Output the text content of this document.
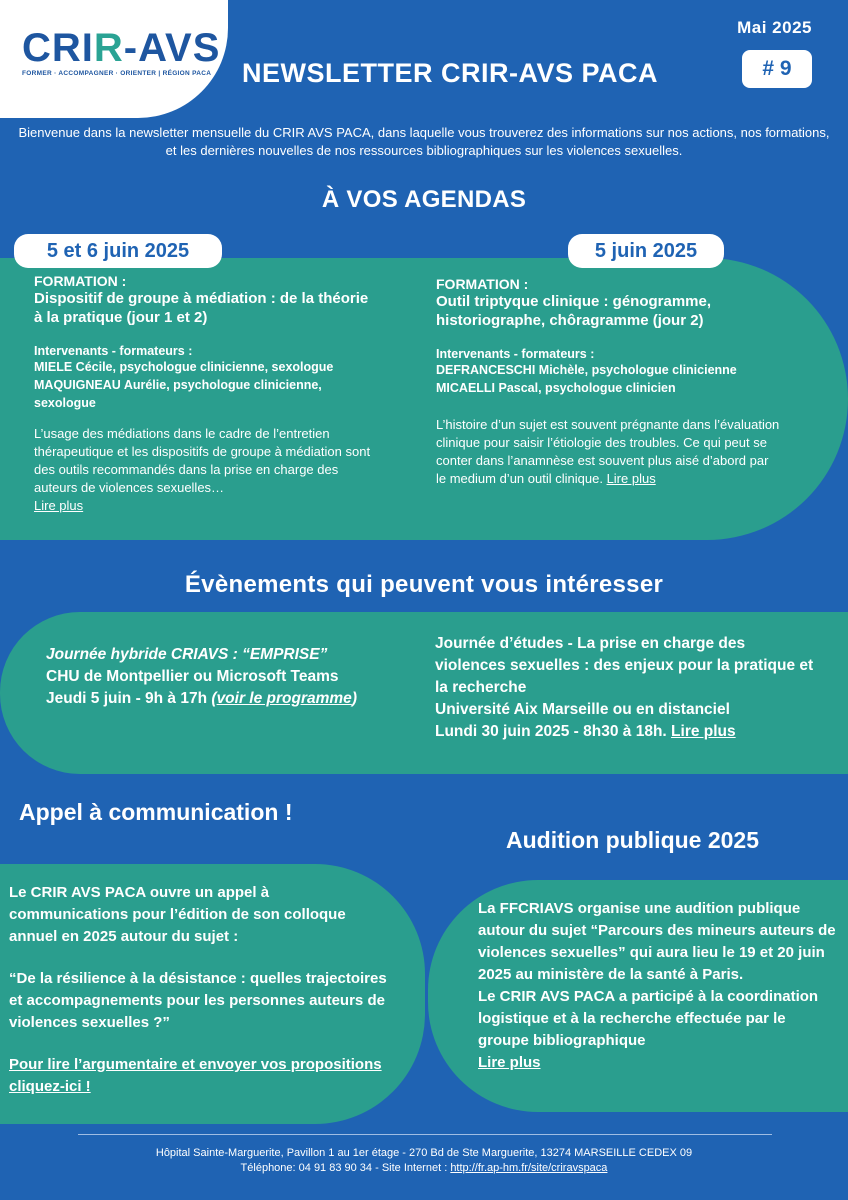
CRIR-AVS
FORMER · ACCOMPAGNER · ORIENTER | RÉGION PACA
Mai 2025
NEWSLETTER CRIR-AVS PACA	# 9
Bienvenue dans la newsletter mensuelle du CRIR AVS PACA, dans laquelle vous trouverez des informations sur nos actions, nos formations, et les dernières nouvelles de nos ressources bibliographiques sur les violences sexuelles.
À VOS AGENDAS
5 et 6 juin 2025	5 juin 2025
FORMATION :
Dispositif de groupe à médiation : de la théorie à la pratique (jour 1 et 2)
Intervenants - formateurs :
MIELE Cécile, psychologue clinicienne, sexologue
MAQUIGNEAU Aurélie, psychologue clinicienne, sexologue
L’usage des médiations dans le cadre de l’entretien thérapeutique et les dispositifs de groupe à médiation sont des outils recommandés dans la prise en charge des auteurs de violences sexuelles…
Lire plus
FORMATION :
Outil triptyque clinique : génogramme, historiographe, chôragramme (jour 2)
Intervenants - formateurs :
DEFRANCESCHI Michèle, psychologue clinicienne
MICAELLI Pascal, psychologue clinicien
L’histoire d’un sujet est souvent prégnante dans l’évaluation clinique pour saisir l’étiologie des troubles. Ce qui peut se conter dans l’anamnèse est souvent plus aisé d’abord par le medium d’un outil clinique. Lire plus
Évènements qui peuvent vous intéresser
Journée hybride CRIAVS : “EMPRISE”
CHU de Montpellier ou Microsoft Teams
Jeudi 5 juin - 9h à 17h (voir le programme)
Journée d’études - La prise en charge des violences sexuelles : des enjeux pour la pratique et la recherche
Université Aix Marseille ou en distanciel
Lundi 30 juin 2025 - 8h30 à 18h. Lire plus
Appel à communication !
Le CRIR AVS PACA ouvre un appel à communications pour l’édition de son colloque annuel en 2025 autour du sujet :
“De la résilience à la désistance : quelles trajectoires et accompagnements pour les personnes auteurs de violences sexuelles ?”
Pour lire l’argumentaire et envoyer vos propositions cliquez-ici !
Audition publique 2025
La FFCRIAVS organise une audition publique autour du sujet “Parcours des mineurs auteurs de violences sexuelles” qui aura lieu le 19 et 20 juin 2025 au ministère de la santé à Paris.
Le CRIR AVS PACA a participé à la coordination logistique et à la recherche effectuée par le groupe bibliographique
Lire plus
Hôpital Sainte-Marguerite, Pavillon 1 au 1er étage - 270 Bd de Ste Marguerite, 13274 MARSEILLE CEDEX 09
Téléphone: 04 91 83 90 34 - Site Internet : http://fr.ap-hm.fr/site/criravspaca
